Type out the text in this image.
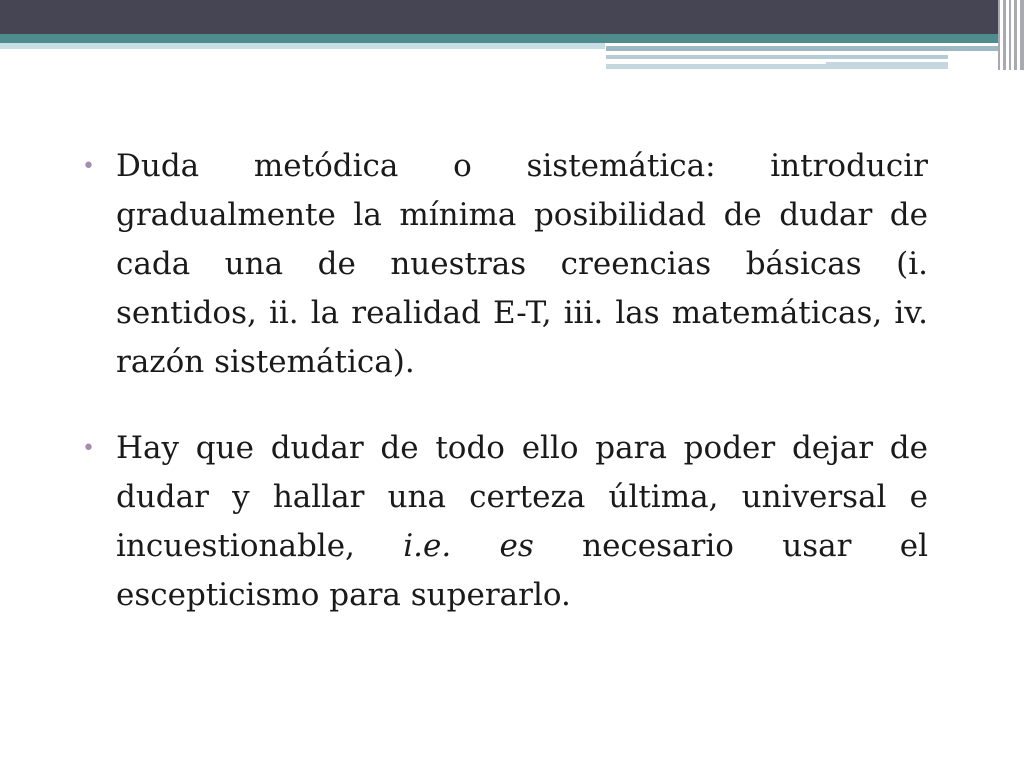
• Duda metódica o sistemática: introducir gradualmente la mínima posibilidad de dudar de cada una de nuestras creencias básicas (i. sentidos, ii. la realidad E-T, iii. las matemáticas, iv. razón sistemática).
• Hay que dudar de todo ello para poder dejar de dudar y hallar una certeza última, universal e incuestionable, i.e. es necesario usar el escepticismo para superarlo.
